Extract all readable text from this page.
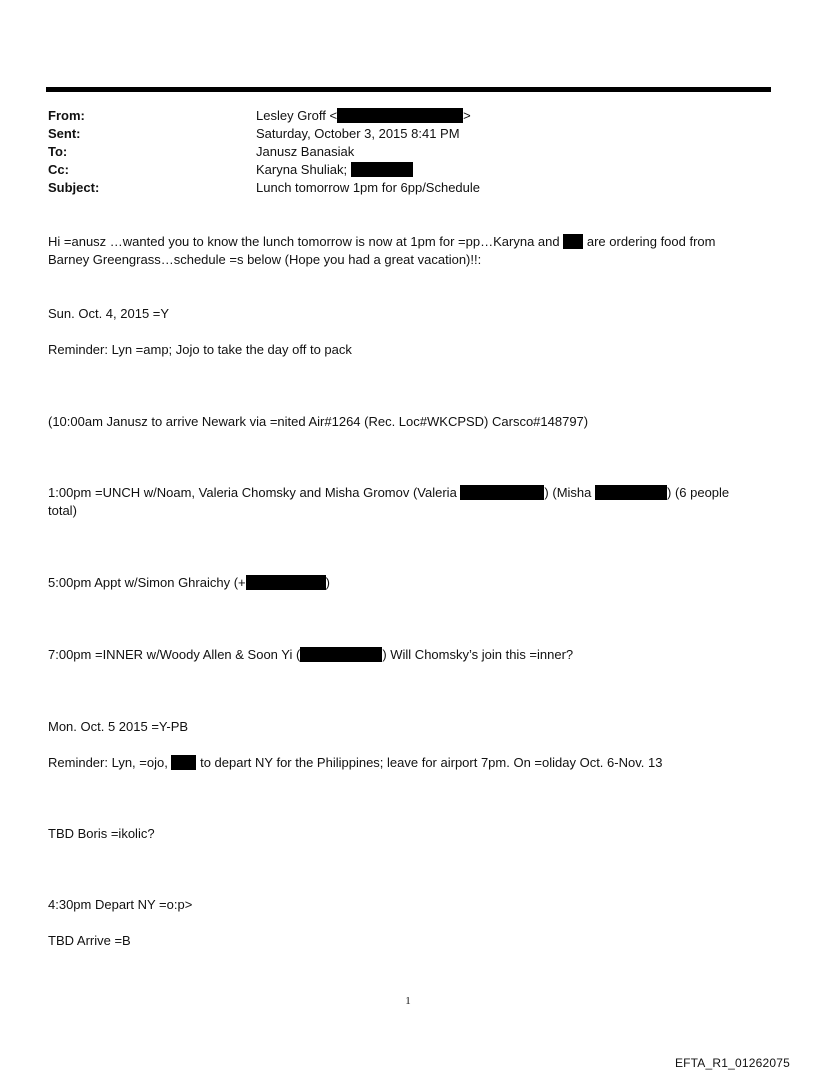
From:	Lesley Groff <	>
Sent:	Saturday, October 3, 2015 8:41 PM
To:	Janusz Banasiak
Cc:	Karyna Shuliak;
Subject:	Lunch tomorrow 1pm for 6pp/Schedule
Hi =anusz …wanted you to know the lunch tomorrow is now at 1pm for =pp…Karyna and are ordering food from
Barney Greengrass…schedule =s below (Hope you had a great vacation)!!:
Sun. Oct. 4, 2015 =Y
Reminder: Lyn =amp; Jojo to take the day off to pack
(10:00am Janusz to arrive Newark via =nited Air#1264 (Rec. Loc#WKCPSD) Carsco#148797)
1:00pm =UNCH w/Noam, Valeria Chomsky and Misha Gromov (Valeria	) (Misha	) (6 people
total)
5:00pm Appt w/Simon Ghraichy (+	)
7:00pm =INNER w/Woody Allen & Soon Yi (	) Will Chomsky’s join this =inner?
Mon. Oct. 5 2015 =Y-PB
Reminder: Lyn, =ojo, to depart NY for the Philippines; leave for airport 7pm. On =oliday Oct. 6-Nov. 13
TBD Boris =ikolic?
4:30pm Depart NY =o:p>
TBD Arrive =B
1
EFTA_R1_01262075
